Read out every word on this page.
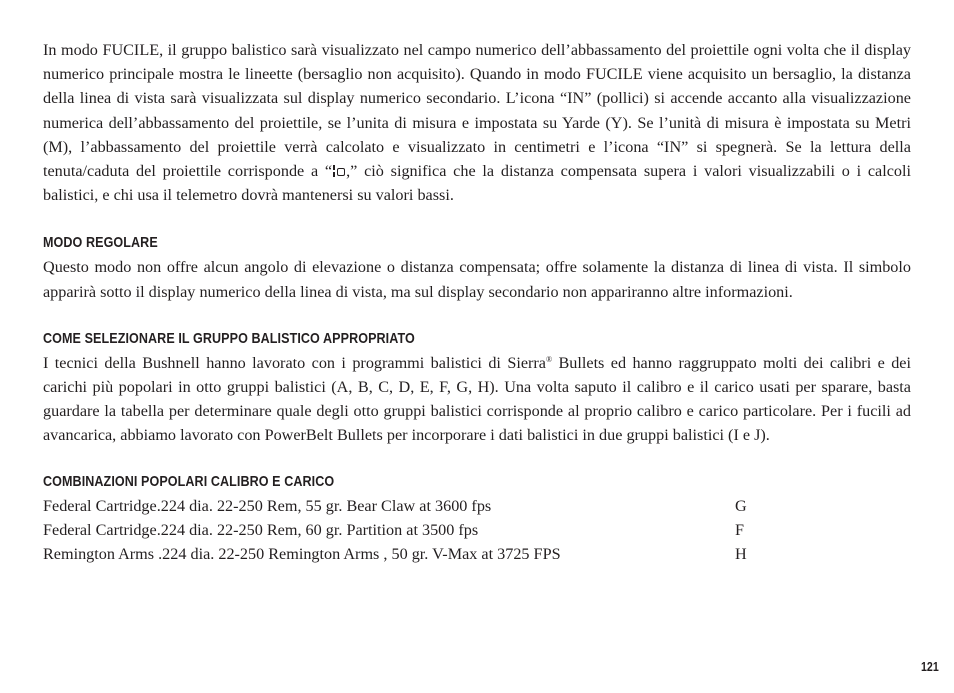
In modo FUCILE, il gruppo balistico sarà visualizzato nel campo numerico dell’abbassamento del proiettile ogni volta che il display numerico principale mostra le lineette (bersaglio non acquisito). Quando in modo FUCILE viene acquisito un bersaglio, la distanza della linea di vista sarà visualizzata sul display numerico secondario. L’icona “IN” (pollici) si accende accanto alla visualizzazione numerica dell’abbassamento del proiettile, se l’unita di misura e impostata su Yarde (Y). Se l’unità di misura è impostata su Metri (M), l’abbassamento del proiettile verrà calcolato e visualizzato in centimetri e l’icona “IN” si spegnerà. Se la lettura della tenuta/caduta del proiettile corrisponde a “ ,” ciò significa che la distanza compensata supera i valori visualizzabili o i calcoli balistici, e chi usa il telemetro dovrà mantenersi su valori bassi.

MODO REGOLARE

Questo modo non offre alcun angolo di elevazione o distanza compensata; offre solamente la distanza di linea di vista. Il simbolo apparirà sotto il display numerico della linea di vista, ma sul display secondario non appariranno altre informazioni.

COME SELEZIONARE IL GRUPPO BALISTICO APPROPRIATO

I tecnici della Bushnell hanno lavorato con i programmi balistici di Sierra® Bullets ed hanno raggruppato molti dei calibri e dei carichi più popolari in otto gruppi balistici (A, B, C, D, E, F, G, H). Una volta saputo il calibro e il carico usati per sparare, basta guardare la tabella per determinare quale degli otto gruppi balistici corrisponde al proprio calibro e carico particolare. Per i fucili ad avancarica, abbiamo lavorato con PowerBelt Bullets per incorporare i dati balistici in due gruppi balistici (I e J).

COMBINAZIONI POPOLARI CALIBRO E CARICO
Federal Cartridge.224 dia. 22-250 Rem, 55 gr. Bear Claw at 3600 fps	G
Federal Cartridge.224 dia. 22-250 Rem, 60 gr. Partition at 3500 fps	F
Remington Arms .224 dia. 22-250 Remington Arms , 50 gr. V-Max at 3725 FPS	H
121
